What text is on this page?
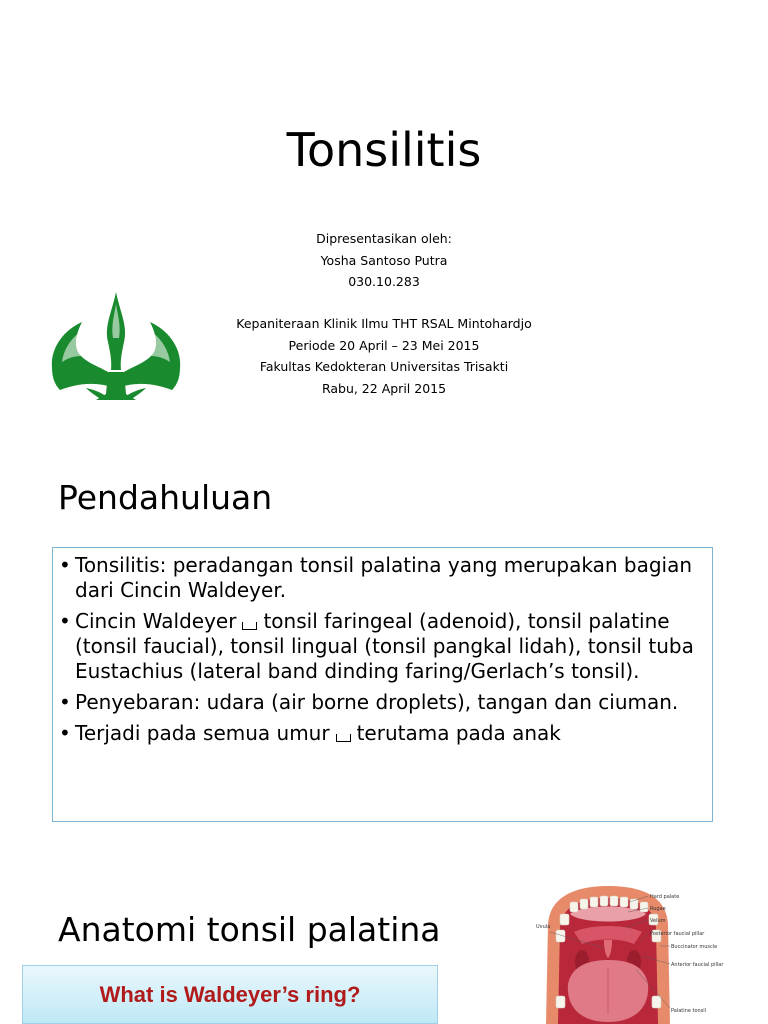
Tonsilitis
Dipresentasikan oleh:
Yosha Santoso Putra
030.10.283
Kepaniteraan Klinik Ilmu THT RSAL Mintohardjo
Periode 20 April – 23 Mei 2015
Fakultas Kedokteran Universitas Trisakti
Rabu, 22 April 2015
Pendahuluan
• Tonsilitis: peradangan tonsil palatina yang merupakan bagian dari Cincin Waldeyer.
• Cincin Waldeyer tonsil faringeal (adenoid), tonsil palatine (tonsil faucial), tonsil lingual (tonsil pangkal lidah), tonsil tuba Eustachius (lateral band dinding faring/Gerlach’s tonsil).
• Penyebaran: udara (air borne droplets), tangan dan ciuman.
• Terjadi pada semua umur terutama pada anak
Anatomi tonsil palatina
What is Waldeyer’s ring?
Hard palate
Rugae
Velum
Posterior faucial pillar
Buccinator muscle
Anterior faucial pillar
Uvula
Palatine tonsil
